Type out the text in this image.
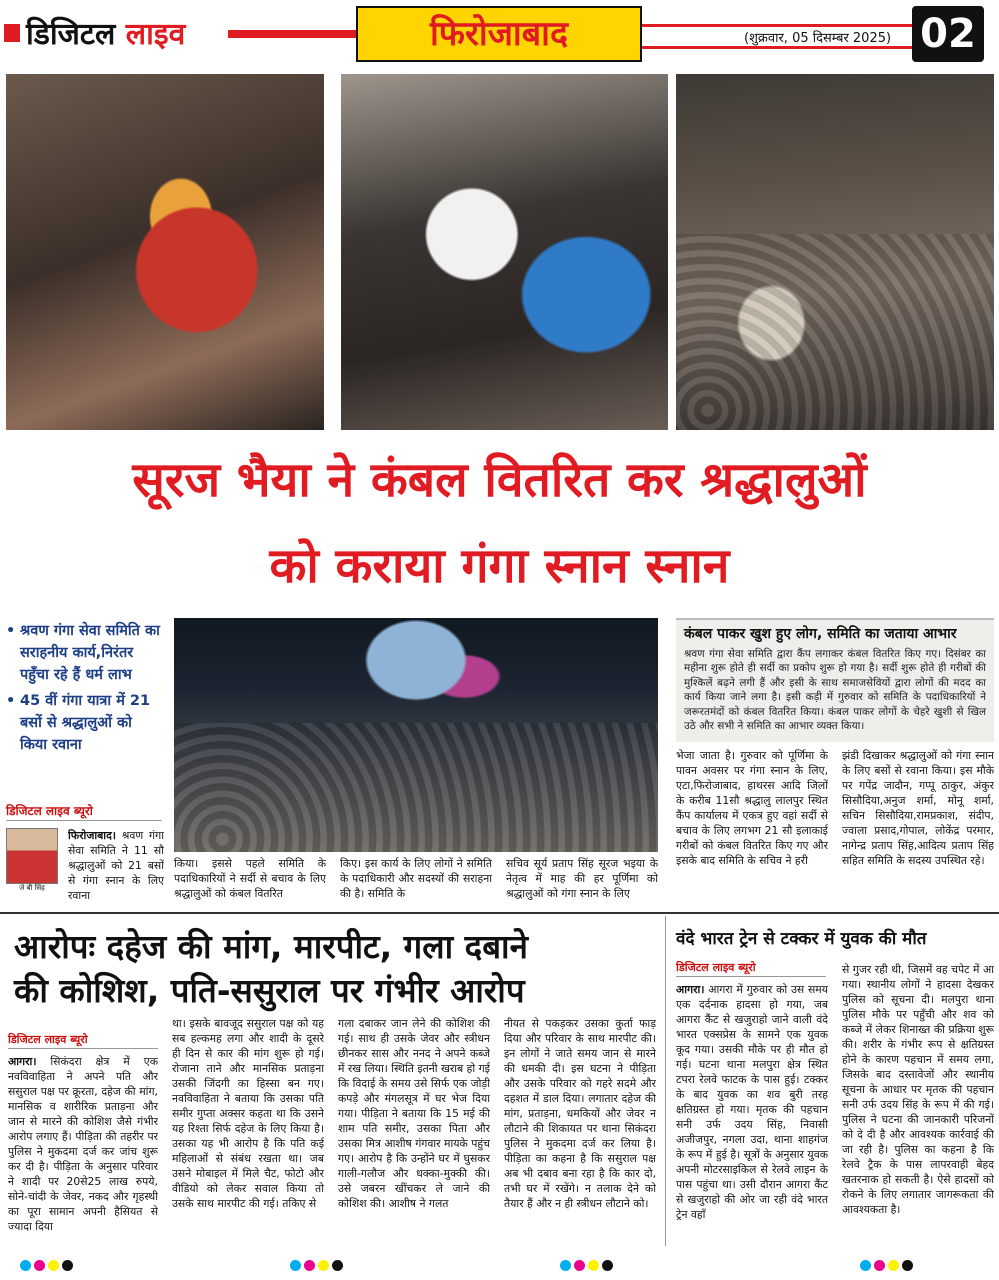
डिजिटल लाइव	फिरोजाबाद	(शुक्रवार, 05 दिसम्बर 2025) 02
सूरज भैया ने कंबल वितरित कर श्रद्धालुओं
को कराया गंगा स्नान स्नान
• श्रवण गंगा सेवा समिति का सराहनीय कार्य,निरंतर पहुँचा रहे हैं धर्म लाभ
• 45 वीं गंगा यात्रा में 21 बसों से श्रद्धालुओं को किया रवाना
डिजिटल लाइव ब्यूरो
जे बी सिंह
फिरोजाबाद। श्रवण गंगा सेवा समिति ने 11 सौ श्रद्धालुओं को 21 बसों से गंगा स्नान के लिए रवाना
किया। इससे पहले समिति के पदाधिकारियों ने सर्दी से बचाव के लिए श्रद्धालुओं को कंबल वितरित
किए। इस कार्य के लिए लोगों ने समिति के पदाधिकारी और सदस्यों की सराहना की है। समिति के
सचिव सूर्य प्रताप सिंह सूरज भइया के नेतृत्व में माह की हर पूर्णिमा को श्रद्धालुओं को गंगा स्नान के लिए
कंबल पाकर खुश हुए लोग, समिति का जताया आभार
श्रवण गंगा सेवा समिति द्वारा कैंप लगाकर कंबल वितरित किए गए। दिसंबर का महीना शुरू होते ही सर्दी का प्रकोप शुरू हो गया है। सर्दी शुरू होते ही गरीबों की मुश्किलें बढ़ने लगी हैं और इसी के साथ समाजसेवियों द्वारा लोगों की मदद का कार्य किया जाने लगा है। इसी कड़ी में गुरुवार को समिति के पदाधिकारियों ने जरूरतमंदों को कंबल वितरित किया। कंबल पाकर लोगों के चेहरे खुशी से खिल उठे और सभी ने समिति का आभार व्यक्त किया।
भेजा जाता है। गुरुवार को पूर्णिमा के पावन अवसर पर गंगा स्नान के लिए, एटा,फिरोजाबाद, हाथरस आदि जिलों के करीब 11सौ श्रद्धालु लालपुर स्थित कैंप कार्यालय में एकत्र हुए वहां सर्दी से बचाव के लिए लगभग 21 सौ इलाकाई गरीबों को कंबल वितरित किए गए और इसके बाद समिति के सचिव ने हरी
झंडी दिखाकर श्रद्धालुओं को गंगा स्नान के लिए बसों से रवाना किया। इस मौके पर गपेंद्र जादौन, गप्पू ठाकुर, अंकुर सिसौदिया,अनुज शर्मा, मोनू शर्मा, सचिन सिसौदिया,रामप्रकाश, संदीप, ज्वाला प्रसाद,गोपाल, लोकेंद्र परमार, नागेन्द्र प्रताप सिंह,आदित्य प्रताप सिंह सहित समिति के सदस्य उपस्थित रहे।
आरोपः दहेज की मांग, मारपीट, गला दबाने
की कोशिश, पति-ससुराल पर गंभीर आरोप
डिजिटल लाइव ब्यूरो
आगरा। सिकंदरा क्षेत्र में एक नवविवाहिता ने अपने पति और ससुराल पक्ष पर क्रूरता, दहेज की मांग, मानसिक व शारीरिक प्रताड़ना और जान से मारने की कोशिश जैसे गंभीर आरोप लगाए हैं। पीड़िता की तहरीर पर पुलिस ने मुकदमा दर्ज कर जांच शुरू कर दी है। पीड़िता के अनुसार परिवार ने शादी पर 20से25 लाख रुपये, सोने-चांदी के जेवर, नकद और गृहस्थी का पूरा सामान अपनी हैसियत से ज्यादा दिया
था। इसके बावजूद ससुराल पक्ष को यह सब हल्कमह लगा और शादी के दूसरे ही दिन से कार की मांग शुरू हो गई। रोजाना ताने और मानसिक प्रताड़ना उसकी जिंदगी का हिस्सा बन गए। नवविवाहिता ने बताया कि उसका पति समीर गुप्ता अक्सर कहता था कि उसने यह रिश्ता सिर्फ दहेज के लिए किया है। उसका यह भी आरोप है कि पति कई महिलाओं से संबंध रखता था। जब उसने मोबाइल में मिले चैट, फोटो और वीडियो को लेकर सवाल किया तो उसके साथ मारपीट की गई। तकिए से
गला दबाकर जान लेने की कोशिश की गई। साथ ही उसके जेवर और स्त्रीधन छीनकर सास और ननद ने अपने कब्जे में रख लिया। स्थिति इतनी खराब हो गई कि विदाई के समय उसे सिर्फ एक जोड़ी कपड़े और मंगलसूत्र में घर भेज दिया गया। पीड़िता ने बताया कि 15 मई की शाम पति समीर, उसका पिता और उसका मित्र आशीष गंगवार मायके पहुंच गए। आरोप है कि उन्होंने घर में घुसकर गाली-गलौज और धक्का-मुक्की की। उसे जबरन खींचकर ले जाने की कोशिश की। आशीष ने गलत
नीयत से पकड़कर उसका कुर्ता फाड़ दिया और परिवार के साथ मारपीट की। इन लोगों ने जाते समय जान से मारने की धमकी दी। इस घटना ने पीड़िता और उसके परिवार को गहरे सदमे और दहशत में डाल दिया। लगातार दहेज की मांग, प्रताड़ना, धमकियों और जेवर न लौटाने की शिकायत पर थाना सिकंदरा पुलिस ने मुकदमा दर्ज कर लिया है। पीड़िता का कहना है कि ससुराल पक्ष अब भी दबाव बना रहा है कि कार दो, तभी घर में रखेंगे। न तलाक देने को तैयार हैं और न ही स्त्रीधन लौटाने को।
वंदे भारत ट्रेन से टक्कर में युवक की मौत
डिजिटल लाइव ब्यूरो
आगरा। आगरा में गुरुवार को उस समय एक दर्दनाक हादसा हो गया, जब आगरा कैंट से खजुराहो जाने वाली वंदे भारत एक्सप्रेस के सामने एक युवक कूद गया। उसकी मौके पर ही मौत हो गई। घटना थाना मलपुरा क्षेत्र स्थित टपरा रेलवे फाटक के पास हुई। टक्कर के बाद युवक का शव बुरी तरह क्षतिग्रस्त हो गया। मृतक की पहचान सनी उर्फ उदय सिंह, निवासी अजीजपुर, नगला उदा, थाना शाहगंज के रूप में हुई है। सूत्रों के अनुसार युवक अपनी मोटरसाइकिल से रेलवे लाइन के पास पहुंचा था। उसी दौरान आगरा कैंट से खजुराहो की ओर जा रही वंदे भारत ट्रेन वहाँ
से गुजर रही थी, जिसमें वह चपेट में आ गया। स्थानीय लोगों ने हादसा देखकर पुलिस को सूचना दी। मलपुरा थाना पुलिस मौके पर पहुँची और शव को कब्जे में लेकर शिनाख्त की प्रक्रिया शुरू की। शरीर के गंभीर रूप से क्षतिग्रस्त होने के कारण पहचान में समय लगा, जिसके बाद दस्तावेजों और स्थानीय सूचना के आधार पर मृतक की पहचान सनी उर्फ उदय सिंह के रूप में की गई। पुलिस ने घटना की जानकारी परिजनों को दे दी है और आवश्यक कार्रवाई की जा रही है। पुलिस का कहना है कि रेलवे ट्रैक के पास लापरवाही बेहद खतरनाक हो सकती है। ऐसे हादसों को रोकने के लिए लगातार जागरूकता की आवश्यकता है।
